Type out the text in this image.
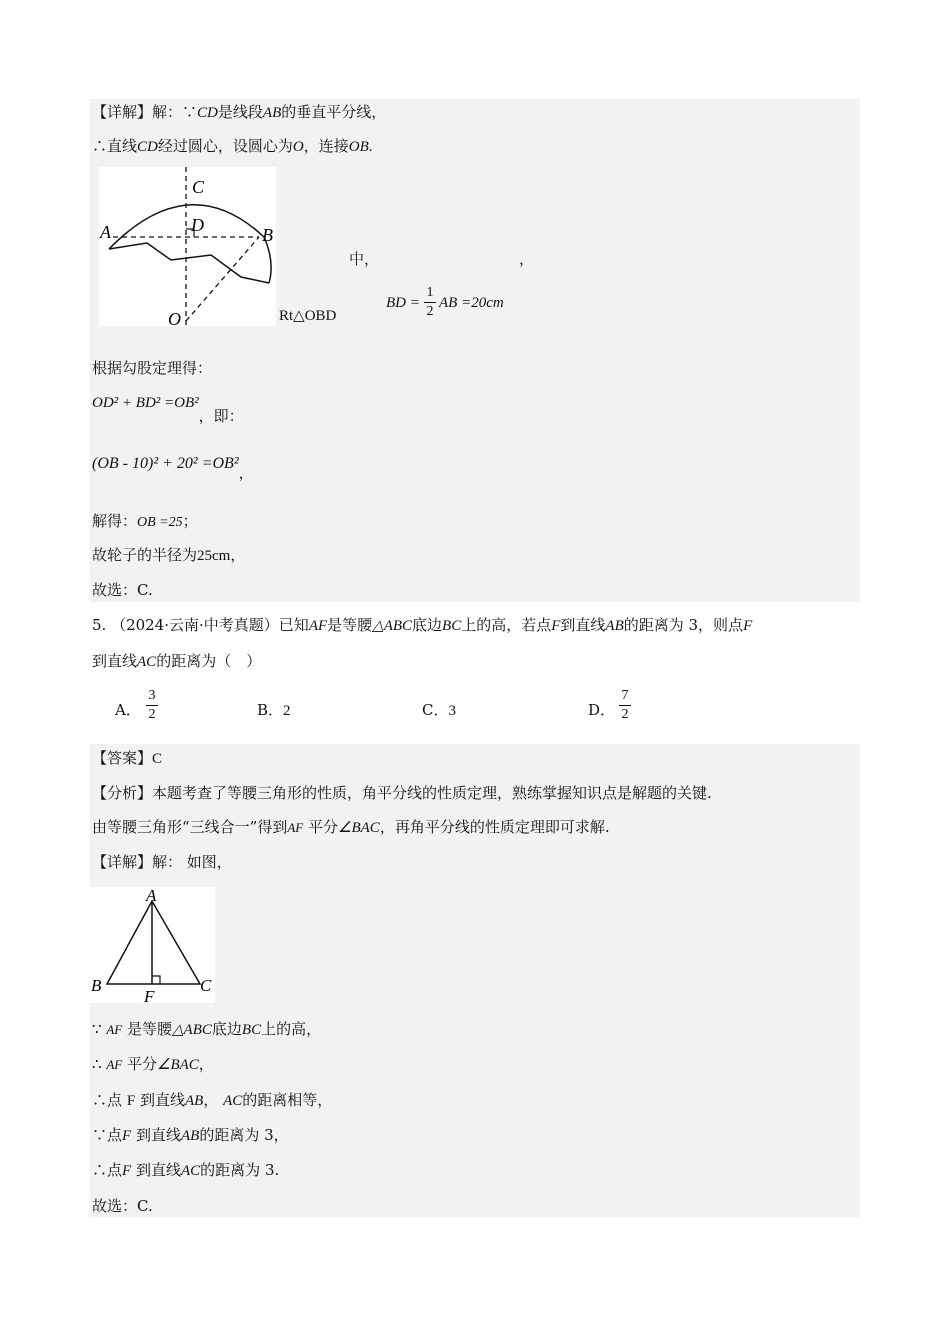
【详解】解：∵CD是线段AB的垂直平分线，
∴直线CD经过圆心，设圆心为O，连接OB.
C
D
A	B
O
中，	，
Rt△OBD
BD =
1
2
AB =20cm
根据勾股定理得：
OD² + BD² =OB²，即：
(OB - 10)² + 20² =OB²，
解得：OB =25；
故轮子的半径为25cm，
故选：C.
5. （2024·云南·中考真题）已知AF是等腰△ABC底边BC上的高，若点F到直线AB的距离为 3，则点F
到直线AC的距离为（　）
A．
3
2	B．2	C．3	D．
7
2
【答案】C
【分析】本题考查了等腰三角形的性质，角平分线的性质定理，熟练掌握知识点是解题的关键.
由等腰三角形“三线合一”得到AF 平分∠BAC，再角平分线的性质定理即可求解.
【详解】解： 如图，
A
B	C
F
∵ AF 是等腰△ABC底边BC上的高，
∴ AF 平分∠BAC，
∴点 F 到直线AB， AC的距离相等，
∵点F 到直线AB的距离为 3，
∴点F 到直线AC的距离为 3.
故选：C.
